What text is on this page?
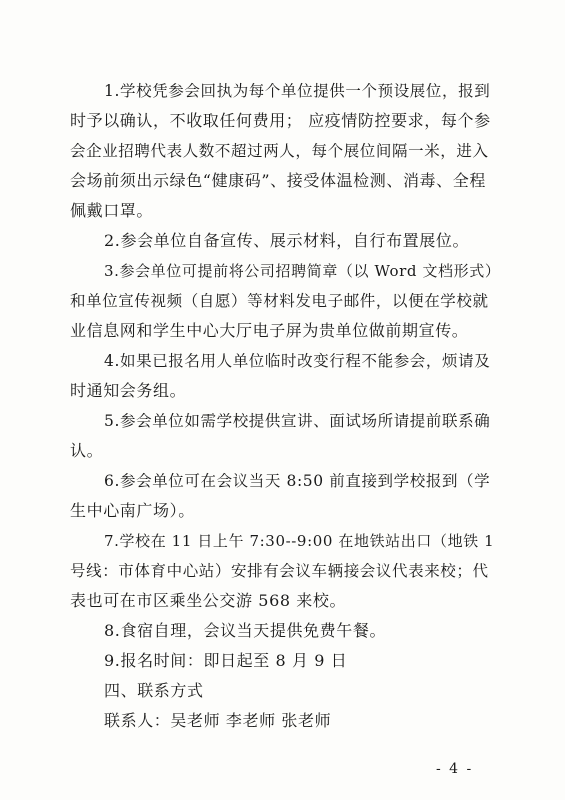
1.学校凭参会回执为每个单位提供一个预设展位，报到
时予以确认，不收取任何费用； 应疫情防控要求，每个参
会企业招聘代表人数不超过两人，每个展位间隔一米，进入
会场前须出示绿色“健康码”、接受体温检测、消毒、全程
佩戴口罩。
2.参会单位自备宣传、展示材料，自行布置展位。
3.参会单位可提前将公司招聘简章（以 Word 文档形式）
和单位宣传视频（自愿）等材料发电子邮件，以便在学校就
业信息网和学生中心大厅电子屏为贵单位做前期宣传。
4.如果已报名用人单位临时改变行程不能参会，烦请及
时通知会务组。
5.参会单位如需学校提供宣讲、面试场所请提前联系确
认。
6.参会单位可在会议当天 8:50 前直接到学校报到（学
生中心南广场）。
7.学校在 11 日上午 7:30--9:00 在地铁站出口（地铁 1
号线：市体育中心站）安排有会议车辆接会议代表来校；代
表也可在市区乘坐公交游 568 来校。
8.食宿自理，会议当天提供免费午餐。
9.报名时间：即日起至 8 月 9 日
四、联系方式
联系人：吴老师 李老师 张老师
- 4 -
